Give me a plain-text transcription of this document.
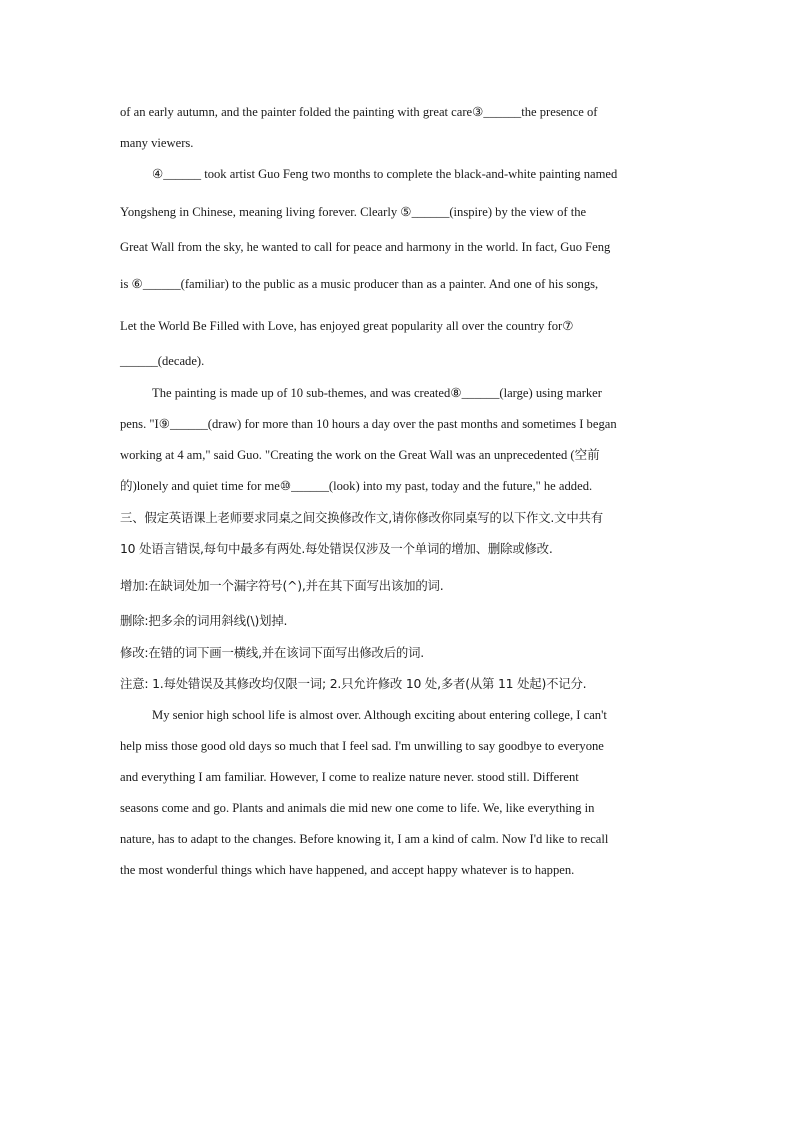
of an early autumn, and the painter folded the painting with great care③______the presence of
many viewers.
④______ took artist Guo Feng two months to complete the black-and-white painting named
Yongsheng in Chinese, meaning living forever. Clearly ⑤______(inspire) by the view of the
Great Wall from the sky, he wanted to call for peace and harmony in the world. In fact, Guo Feng
is ⑥______(familiar) to the public as a music producer than as a painter. And one of his songs,
Let the World Be Filled with Love, has enjoyed great popularity all over the country for⑦
______(decade).
The painting is made up of 10 sub-themes, and was created⑧______(large) using marker
pens. "I⑨______(draw) for more than 10 hours a day over the past months and sometimes I began
working at 4 am," said Guo. "Creating the work on the Great Wall was an unprecedented (空前
的)lonely and quiet time for me⑩______(look) into my past, today and the future," he added.
三、假定英语课上老师要求同桌之间交换修改作文,请你修改你同桌写的以下作文.文中共有
10 处语言错误,每句中最多有两处.每处错误仅涉及一个单词的增加、删除或修改.
增加:在缺词处加一个漏字符号(^),并在其下面写出该加的词.
删除:把多余的词用斜线(\)划掉.
修改:在错的词下画一横线,并在该词下面写出修改后的词.
注意: 1.每处错误及其修改均仅限一词; 2.只允许修改 10 处,多者(从第 11 处起)不记分.
My senior high school life is almost over. Although exciting about entering college, I can't
help miss those good old days so much that I feel sad. I'm unwilling to say goodbye to everyone
and everything I am familiar. However, I come to realize nature never. stood still. Different
seasons come and go. Plants and animals die mid new one come to life. We, like everything in
nature, has to adapt to the changes. Before knowing it, I am a kind of calm. Now I'd like to recall
the most wonderful things which have happened, and accept happy whatever is to happen.
